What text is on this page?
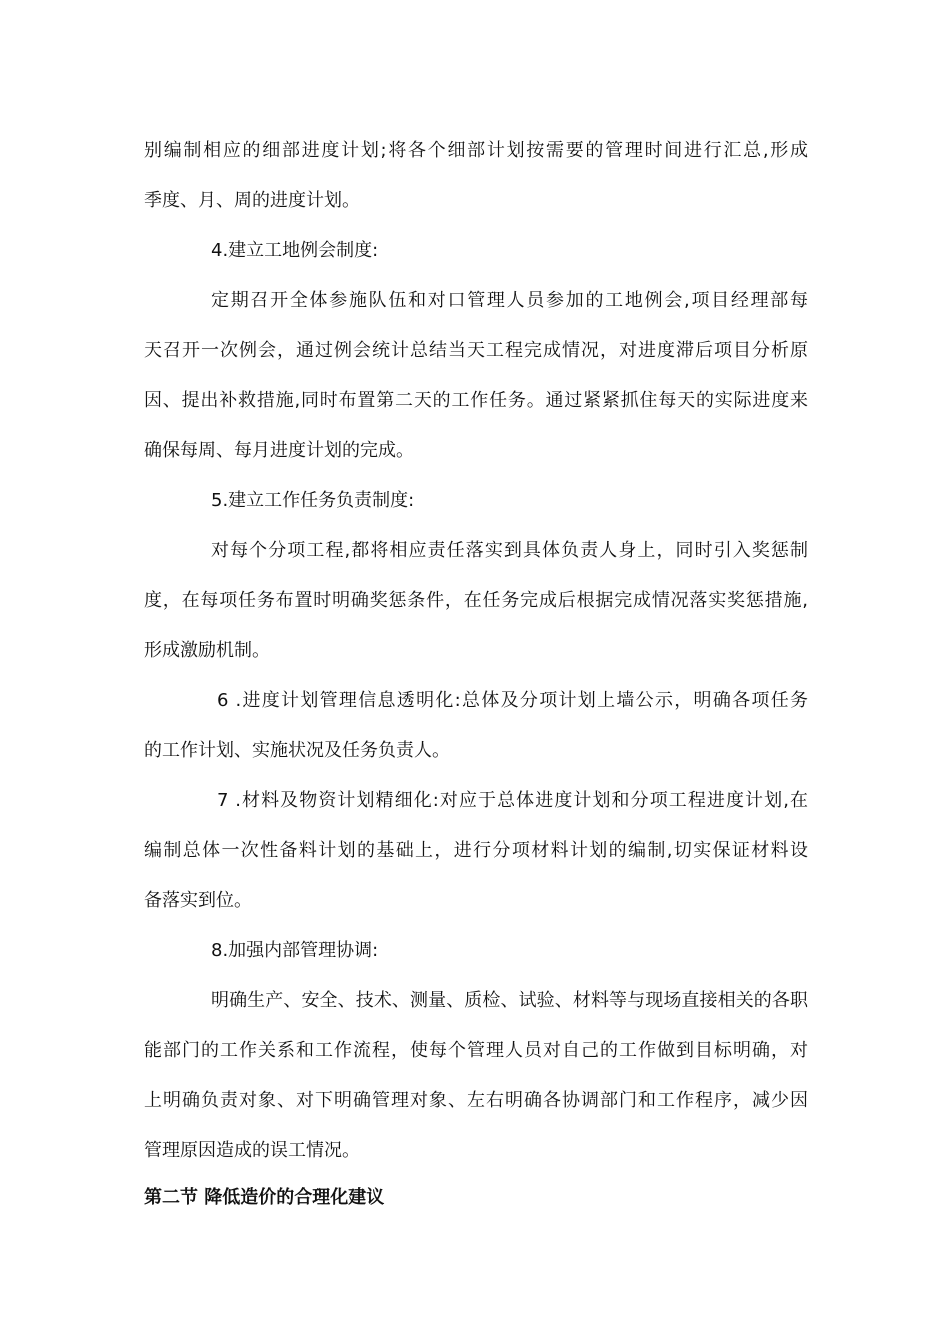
别编制相应的细部进度计划;将各个细部计划按需要的管理时间进行汇总,形成
季度、月、周的进度计划。
4.建立工地例会制度:
定期召开全体参施队伍和对口管理人员参加的工地例会,项目经理部每
天召开一次例会，通过例会统计总结当天工程完成情况，对进度滞后项目分析原
因、提出补救措施,同时布置第二天的工作任务。通过紧紧抓住每天的实际进度来
确保每周、每月进度计划的完成。
5.建立工作任务负责制度:
对每个分项工程,都将相应责任落实到具体负责人身上，同时引入奖惩制
度，在每项任务布置时明确奖惩条件，在任务完成后根据完成情况落实奖惩措施,
形成激励机制。
6 .进度计划管理信息透明化:总体及分项计划上墙公示，明确各项任务
的工作计划、实施状况及任务负责人。
7 .材料及物资计划精细化:对应于总体进度计划和分项工程进度计划,在
编制总体一次性备料计划的基础上，进行分项材料计划的编制,切实保证材料设
备落实到位。
8.加强内部管理协调:
明确生产、安全、技术、测量、质检、试验、材料等与现场直接相关的各职
能部门的工作关系和工作流程，使每个管理人员对自己的工作做到目标明确，对
上明确负责对象、对下明确管理对象、左右明确各协调部门和工作程序，减少因
管理原因造成的误工情况。
第二节 降低造价的合理化建议
